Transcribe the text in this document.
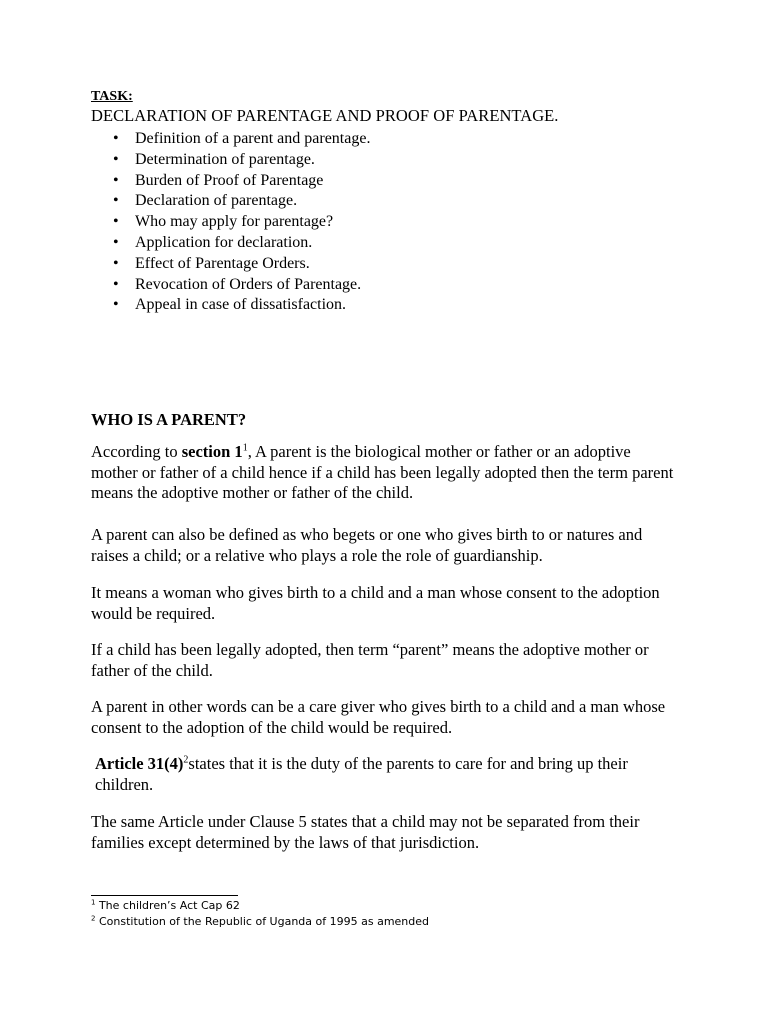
TASK:
DECLARATION OF PARENTAGE AND PROOF OF PARENTAGE.
• Definition of a parent and parentage.
• Determination of parentage.
• Burden of Proof of Parentage
• Declaration of parentage.
• Who may apply for parentage?
• Application for declaration.
• Effect of Parentage Orders.
• Revocation of Orders of Parentage.
• Appeal in case of dissatisfaction.
WHO IS A PARENT?

According to section $1^1$, A parent is the biological mother or father or an adoptive mother or father of a child hence if a child has been legally adopted then the term parent means the adoptive mother or father of the child.

A parent can also be defined as who begets or one who gives birth to or natures and raises a child; or a relative who plays a role the role of guardianship.

It means a woman who gives birth to a child and a man whose consent to the adoption would be required.

If a child has been legally adopted, then term “parent” means the adoptive mother or father of the child.

A parent in other words can be a care giver who gives birth to a child and a man whose consent to the adoption of the child would be required.

Article $31(4)^2states$ that it is the duty of the parents to care for and bring up their children.

The same Article under Clause 5 states that a child may not be separated from their families except determined by the laws of that jurisdiction.

$^1$ The children’s Act Cap 62
$^2$ Constitution of the Republic of Uganda of 1995 as amended
